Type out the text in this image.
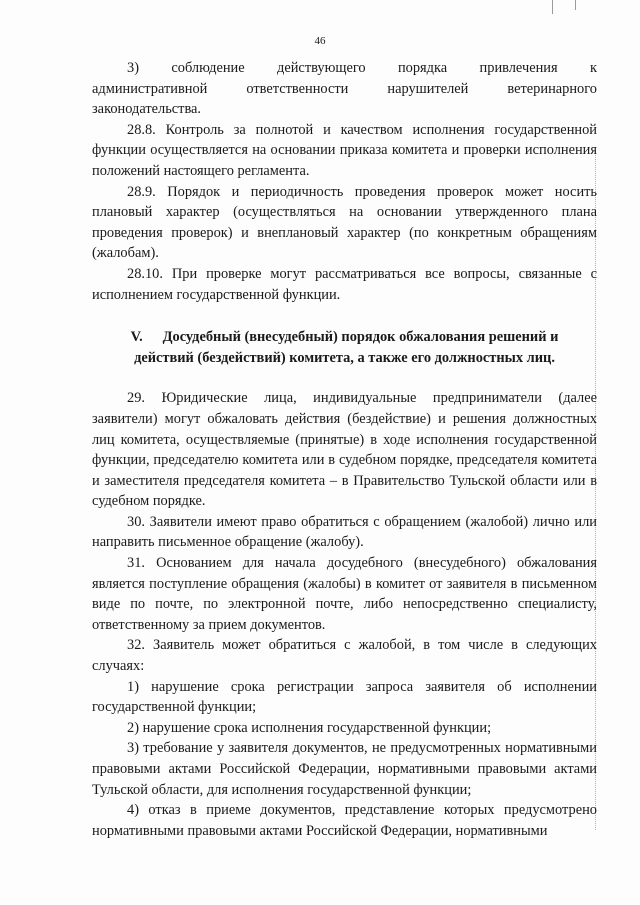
46

3)     соблюдение     действующего     порядка     привлечения     к административной ответственности нарушителей ветеринарного законодательства.

28.8. Контроль за полнотой и качеством исполнения государственной функции осуществляется на основании приказа комитета и проверки исполнения положений настоящего регламента.

28.9. Порядок и периодичность проведения проверок может носить плановый характер (осуществляться на основании утвержденного плана проведения проверок) и внеплановый характер (по конкретным обращениям (жалобам).

28.10. При проверке могут рассматриваться все вопросы, связанные с исполнением государственной функции.

V. Досудебный (внесудебный) порядок обжалования решений и
действий (бездействий) комитета, а также его должностных лиц.

29. Юридические лица, индивидуальные предприниматели (далее заявители) могут обжаловать действия (бездействие) и решения должностных лиц комитета, осуществляемые (принятые) в ходе исполнения государственной функции, председателю комитета или в судебном порядке, председателя комитета и заместителя председателя комитета – в Правительство Тульской области или в судебном порядке.

30. Заявители имеют право обратиться с обращением (жалобой) лично или направить письменное обращение (жалобу).

31. Основанием для начала досудебного (внесудебного) обжалования является поступление обращения (жалобы) в комитет от заявителя в письменном виде по почте, по электронной почте, либо непосредственно специалисту, ответственному за прием документов.

32. Заявитель может обратиться с жалобой, в том числе в следующих случаях:

1) нарушение срока регистрации запроса заявителя об исполнении государственной функции;

2) нарушение срока исполнения государственной функции;

3) требование у заявителя документов, не предусмотренных нормативными правовыми актами Российской Федерации, нормативными правовыми актами Тульской области, для исполнения государственной функции;

4) отказ в приеме документов, представление которых предусмотрено нормативными правовыми актами Российской Федерации, нормативными
